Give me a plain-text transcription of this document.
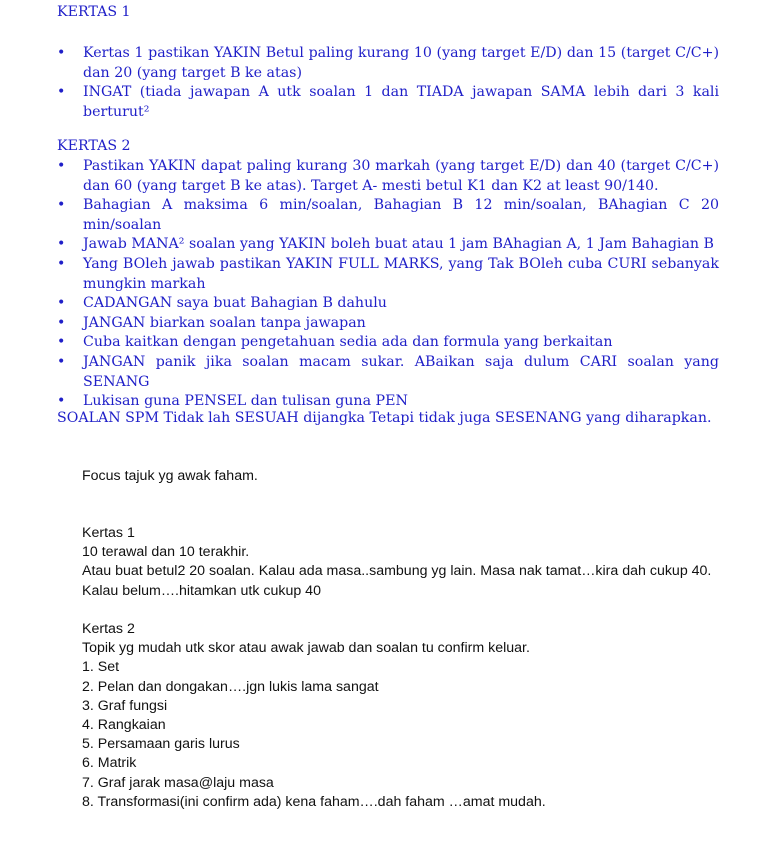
KERTAS 1
• Kertas 1 pastikan YAKIN Betul paling kurang 10 (yang target E/D) dan 15 (target C/C+) dan 20 (yang target B ke atas)
• INGAT (tiada jawapan A utk soalan 1 dan TIADA jawapan SAMA lebih dari 3 kali berturut²
KERTAS 2
• Pastikan YAKIN dapat paling kurang 30 markah (yang target E/D) dan 40 (target C/C+) dan 60 (yang target B ke atas). Target A- mesti betul K1 dan K2 at least 90/140.
• Bahagian A maksima 6 min/soalan, Bahagian B 12 min/soalan, BAhagian C 20 min/soalan
• Jawab MANA² soalan yang YAKIN boleh buat atau 1 jam BAhagian A, 1 Jam Bahagian B
• Yang BOleh jawab pastikan YAKIN FULL MARKS, yang Tak BOleh cuba CURI sebanyak mungkin markah
• CADANGAN saya buat Bahagian B dahulu
• JANGAN biarkan soalan tanpa jawapan
• Cuba kaitkan dengan pengetahuan sedia ada dan formula yang berkaitan
• JANGAN panik jika soalan macam sukar. ABaikan saja dulum CARI soalan yang SENANG
• Lukisan guna PENSEL dan tulisan guna PEN
SOALAN SPM Tidak lah SESUAH dijangka Tetapi tidak juga SESENANG yang diharapkan.
Focus tajuk yg awak faham.
Kertas 1
10 terawal dan 10 terakhir.
Atau buat betul2 20 soalan. Kalau ada masa..sambung yg lain. Masa nak tamat…kira dah cukup 40.
Kalau belum….hitamkan utk cukup 40
Kertas 2
Topik yg mudah utk skor atau awak jawab dan soalan tu confirm keluar.
1. Set
2. Pelan dan dongakan….jgn lukis lama sangat
3. Graf fungsi
4. Rangkaian
5. Persamaan garis lurus
6. Matrik
7. Graf jarak masa@laju masa
8. Transformasi(ini confirm ada) kena faham….dah faham …amat mudah.
